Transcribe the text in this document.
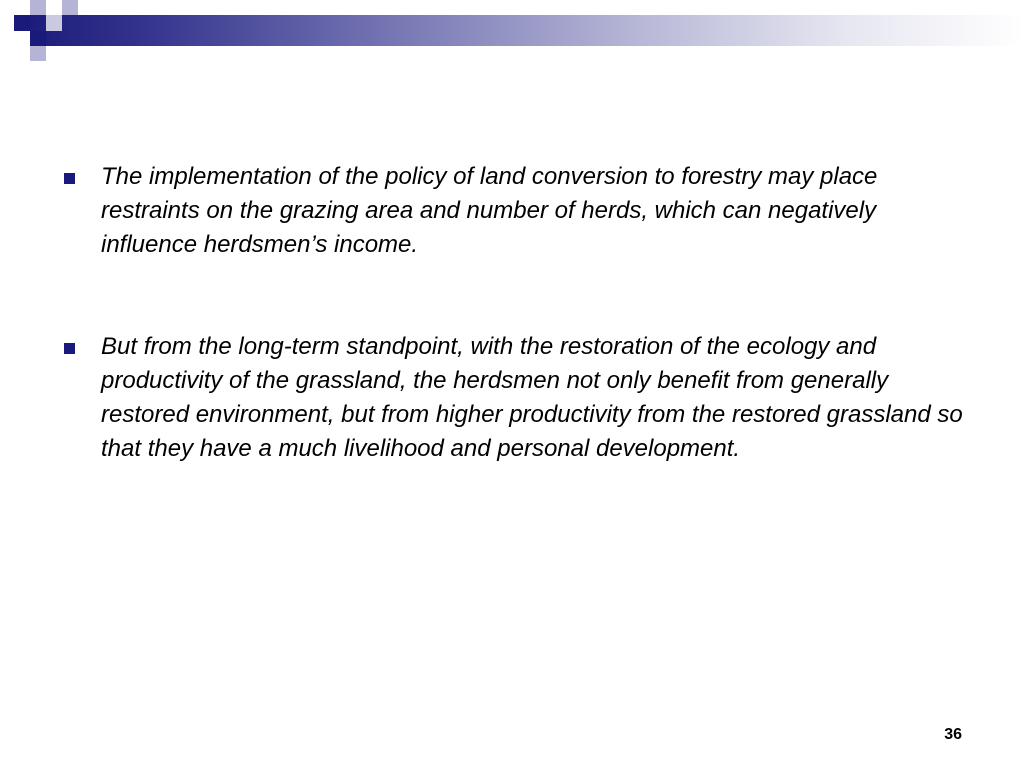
The implementation of the policy of land conversion to forestry may place restraints on the grazing area and number of herds, which can negatively influence herdsmen’s income.
But from the long-term standpoint, with the restoration of the ecology and productivity of the grassland, the herdsmen not only benefit from generally restored environment, but from higher productivity from the restored grassland so that they have a much livelihood and personal development.
36
